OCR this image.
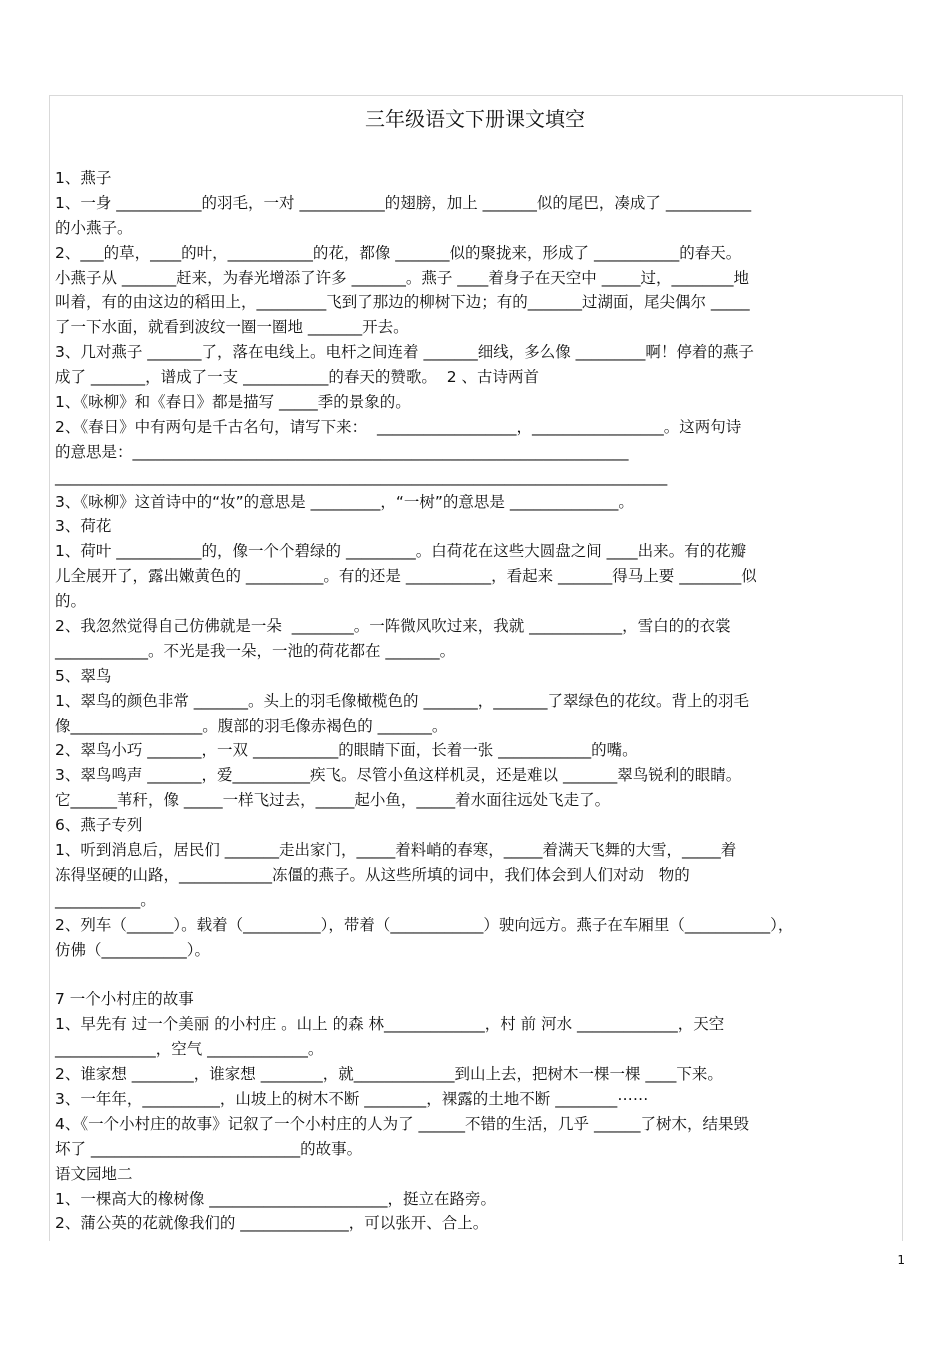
三年级语文下册课文填空
1、燕子
1、一身 ___________的羽毛，一对 ___________的翅膀，加上 _______似的尾巴，凑成了 ___________
的小燕子。
2、___的草，____的叶，___________的花，都像 _______似的聚拢来，形成了 ___________的春天。
小燕子从 _______赶来，为春光增添了许多 _______。燕子 ____着身子在天空中 _____过，________地
叫着，有的由这边的稻田上，_________飞到了那边的柳树下边；有的_______过湖面，尾尖偶尔 _____
了一下水面，就看到波纹一圈一圈地 _______开去。
3、几对燕子 _______了，落在电线上。电杆之间连着 _______细线，多么像 _________啊！停着的燕子
成了 _______，谱成了一支 ___________的春天的赞歌。  2 、古诗两首
1、《咏柳》和《春日》都是描写 _____季的景象的。
2、《春日》中有两句是千古名句，请写下来：  __________________，_________________。这两句诗
的意思是：________________________________________________________________
_______________________________________________________________________________
3、《咏柳》这首诗中的“妆”的意思是 _________，“一树”的意思是 ______________。
3、荷花
1、荷叶 ___________的，像一个个碧绿的 _________。白荷花在这些大圆盘之间 ____出来。有的花瓣
儿全展开了，露出嫩黄色的 __________。有的还是 ___________，看起来 _______得马上要 ________似
的。
2、我忽然觉得自己仿佛就是一朵  ________。一阵微风吹过来，我就 ____________，雪白的的衣裳
____________。不光是我一朵，一池的荷花都在 _______。
5、翠鸟
1、翠鸟的颜色非常 _______。头上的羽毛像橄榄色的 _______，_______了翠绿色的花纹。背上的羽毛
像_________________。腹部的羽毛像赤褐色的 _______。
2、翠鸟小巧 _______，一双 ___________的眼睛下面，长着一张 ____________的嘴。
3、翠鸟鸣声 _______，爱__________疾飞。尽管小鱼这样机灵，还是难以 _______翠鸟锐利的眼睛。
它______苇秆，像 _____一样飞过去，_____起小鱼，_____着水面往远处飞走了。
6、燕子专列
1、听到消息后，居民们 _______走出家门，_____着料峭的春寒，_____着满天飞舞的大雪，_____着
冻得坚硬的山路，____________冻僵的燕子。从这些所填的词中，我们体会到人们对动   物的
___________。
2、列车（______）。载着（__________），带着（____________）驶向远方。燕子在车厢里（___________），
仿佛（___________）。
7 一个小村庄的故事
1、早先有 过一个美丽 的小村庄 。山上 的森 林_____________，村 前 河水 _____________，天空
_____________，空气 _____________。
2、谁家想 ________，谁家想 ________，就_____________到山上去，把树木一棵一棵 ____下来。
3、一年年，__________，山坡上的树木不断 ________，裸露的土地不断 ________⋯⋯
4、《一个小村庄的故事》记叙了一个小村庄的人为了 ______不错的生活，几乎 ______了树木，结果毁
坏了 ___________________________的故事。
语文园地二
1、一棵高大的橡树像 _______________________，挺立在路旁。
2、蒲公英的花就像我们的 ______________，可以张开、合上。
1
